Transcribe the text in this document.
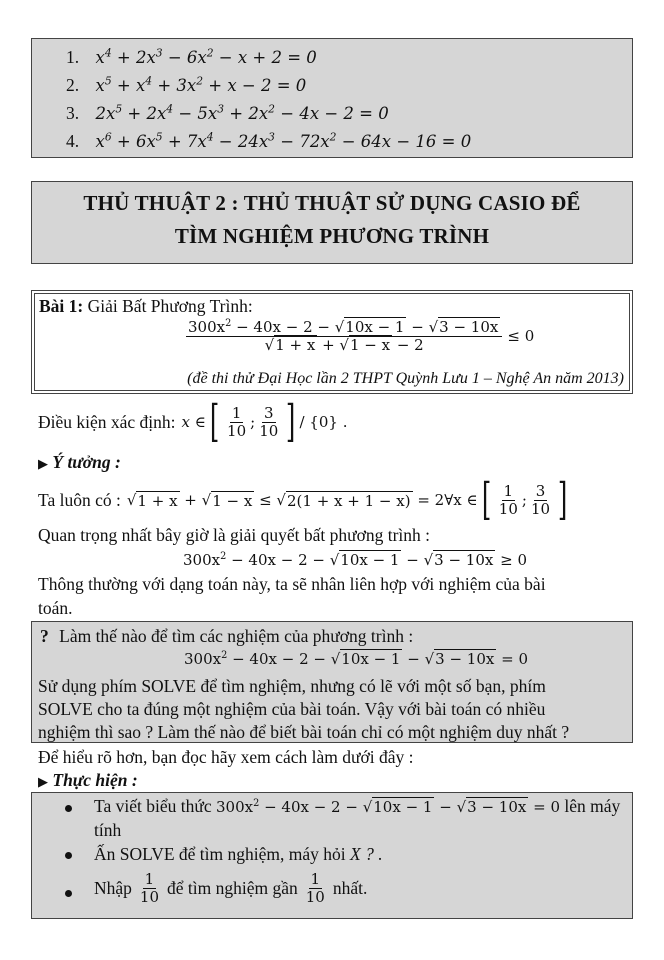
1. $x^4 + 2x^3 - 6x^2 - x + 2 = 0$
2. $x^5 + x^4 + 3x^2 + x - 2 = 0$
3. $2x^5 + 2x^4 - 5x^3 + 2x^2 - 4x - 2 = 0$
4. $x^6 + 6x^5 + 7x^4 - 24x^3 - 72x^2 - 64x - 16 = 0$
THỦ THUẬT 2 : THỦ THUẬT SỬ DỤNG CASIO ĐỂ
TÌM NGHIỆM PHƯƠNG TRÌNH
Bài 1: Giải Bất Phương Trình:
$\frac{300x^2 - 40x - 2 - √10x - 1 - √3 - 10x}{√1 + x + √1 - x - 2} \le 0$
(đề thi thử Đại Học lần 2 THPT Quỳnh Lưu 1 – Nghệ An năm 2013)
Điều kiện xác định: x ∈ [ $\frac{1}{10}$ ; $\frac{3}{10}$ ] / {0} .
▶ Ý tưởng :
Ta luôn có : √ 1 + x + √ 1 − x ≤ √ 2(1 + x + 1 − x) = 2∀x ∈ [ $\frac{1}{10}$ ; $\frac{3}{10}$ ]
Quan trọng nhất bây giờ là giải quyết bất phương trình :
$300x^2 - 40x - 2 - √10x - 1 - √3 - 10x \ge 0$
Thông thường với dạng toán này, ta sẽ nhân liên hợp với nghiệm của bài
toán.
? Làm thế nào để tìm các nghiệm của phương trình :
$300x^2 - 40x - 2 - √10x - 1 - √3 - 10x = 0$
Sử dụng phím SOLVE để tìm nghiệm, nhưng có lẽ với một số bạn, phím
SOLVE cho ta đúng một nghiệm của bài toán. Vậy với bài toán có nhiều
nghiệm thì sao ? Làm thế nào để biết bài toán chỉ có một nghiệm duy nhất ?
Để hiểu rõ hơn, bạn đọc hãy xem cách làm dưới đây :
▶ Thực hiện :
Ta viết biểu thức $300x^2 - 40x - 2 - √10x - 1 - √3 - 10x = 0$ lên máy
tính
Ấn SOLVE để tìm nghiệm, máy hỏi X ? .
Nhập $\frac{1}{10}$ để tìm nghiệm gần $\frac{1}{10}$ nhất.
